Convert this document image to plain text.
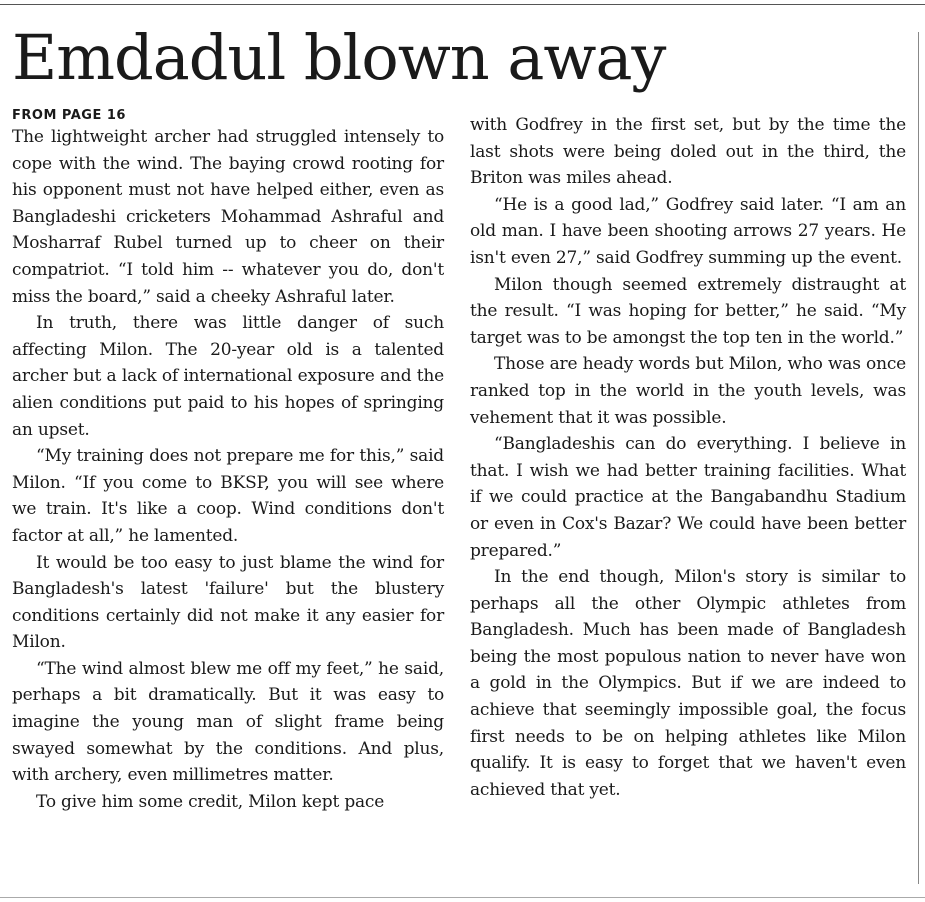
Emdadul blown away
FROM PAGE 16

The lightweight archer had struggled intensely to cope with the wind. The baying crowd rooting for his opponent must not have helped either, even as Bangladeshi cricketers Mohammad Ashraful and Mosharraf Rubel turned up to cheer on their compatriot. “I told him -- whatever you do, don't miss the board,” said a cheeky Ashraful later.

In truth, there was little danger of such affecting Milon. The 20-year old is a talented archer but a lack of international exposure and the alien conditions put paid to his hopes of springing an upset.

“My training does not prepare me for this,” said Milon. “If you come to BKSP, you will see where we train. It's like a coop. Wind conditions don't factor at all,” he lamented.

It would be too easy to just blame the wind for Bangladesh's latest 'failure' but the blustery conditions certainly did not make it any easier for Milon.

“The wind almost blew me off my feet,” he said, perhaps a bit dramatically. But it was easy to imagine the young man of slight frame being swayed somewhat by the conditions. And plus, with archery, even millimetres matter.

To give him some credit, Milon kept pace

with Godfrey in the first set, but by the time the last shots were being doled out in the third, the Briton was miles ahead.

“He is a good lad,” Godfrey said later. “I am an old man. I have been shooting arrows 27 years. He isn't even 27,” said Godfrey summing up the event.

Milon though seemed extremely distraught at the result. “I was hoping for better,” he said. “My target was to be amongst the top ten in the world.”

Those are heady words but Milon, who was once ranked top in the world in the youth levels, was vehement that it was possible.

“Bangladeshis can do everything. I believe in that. I wish we had better training facilities. What if we could practice at the Bangabandhu Stadium or even in Cox's Bazar? We could have been better prepared.”

In the end though, Milon's story is similar to perhaps all the other Olympic athletes from Bangladesh. Much has been made of Bangladesh being the most populous nation to never have won a gold in the Olympics. But if we are indeed to achieve that seemingly impossible goal, the focus first needs to be on helping athletes like Milon qualify. It is easy to forget that we haven't even achieved that yet.
